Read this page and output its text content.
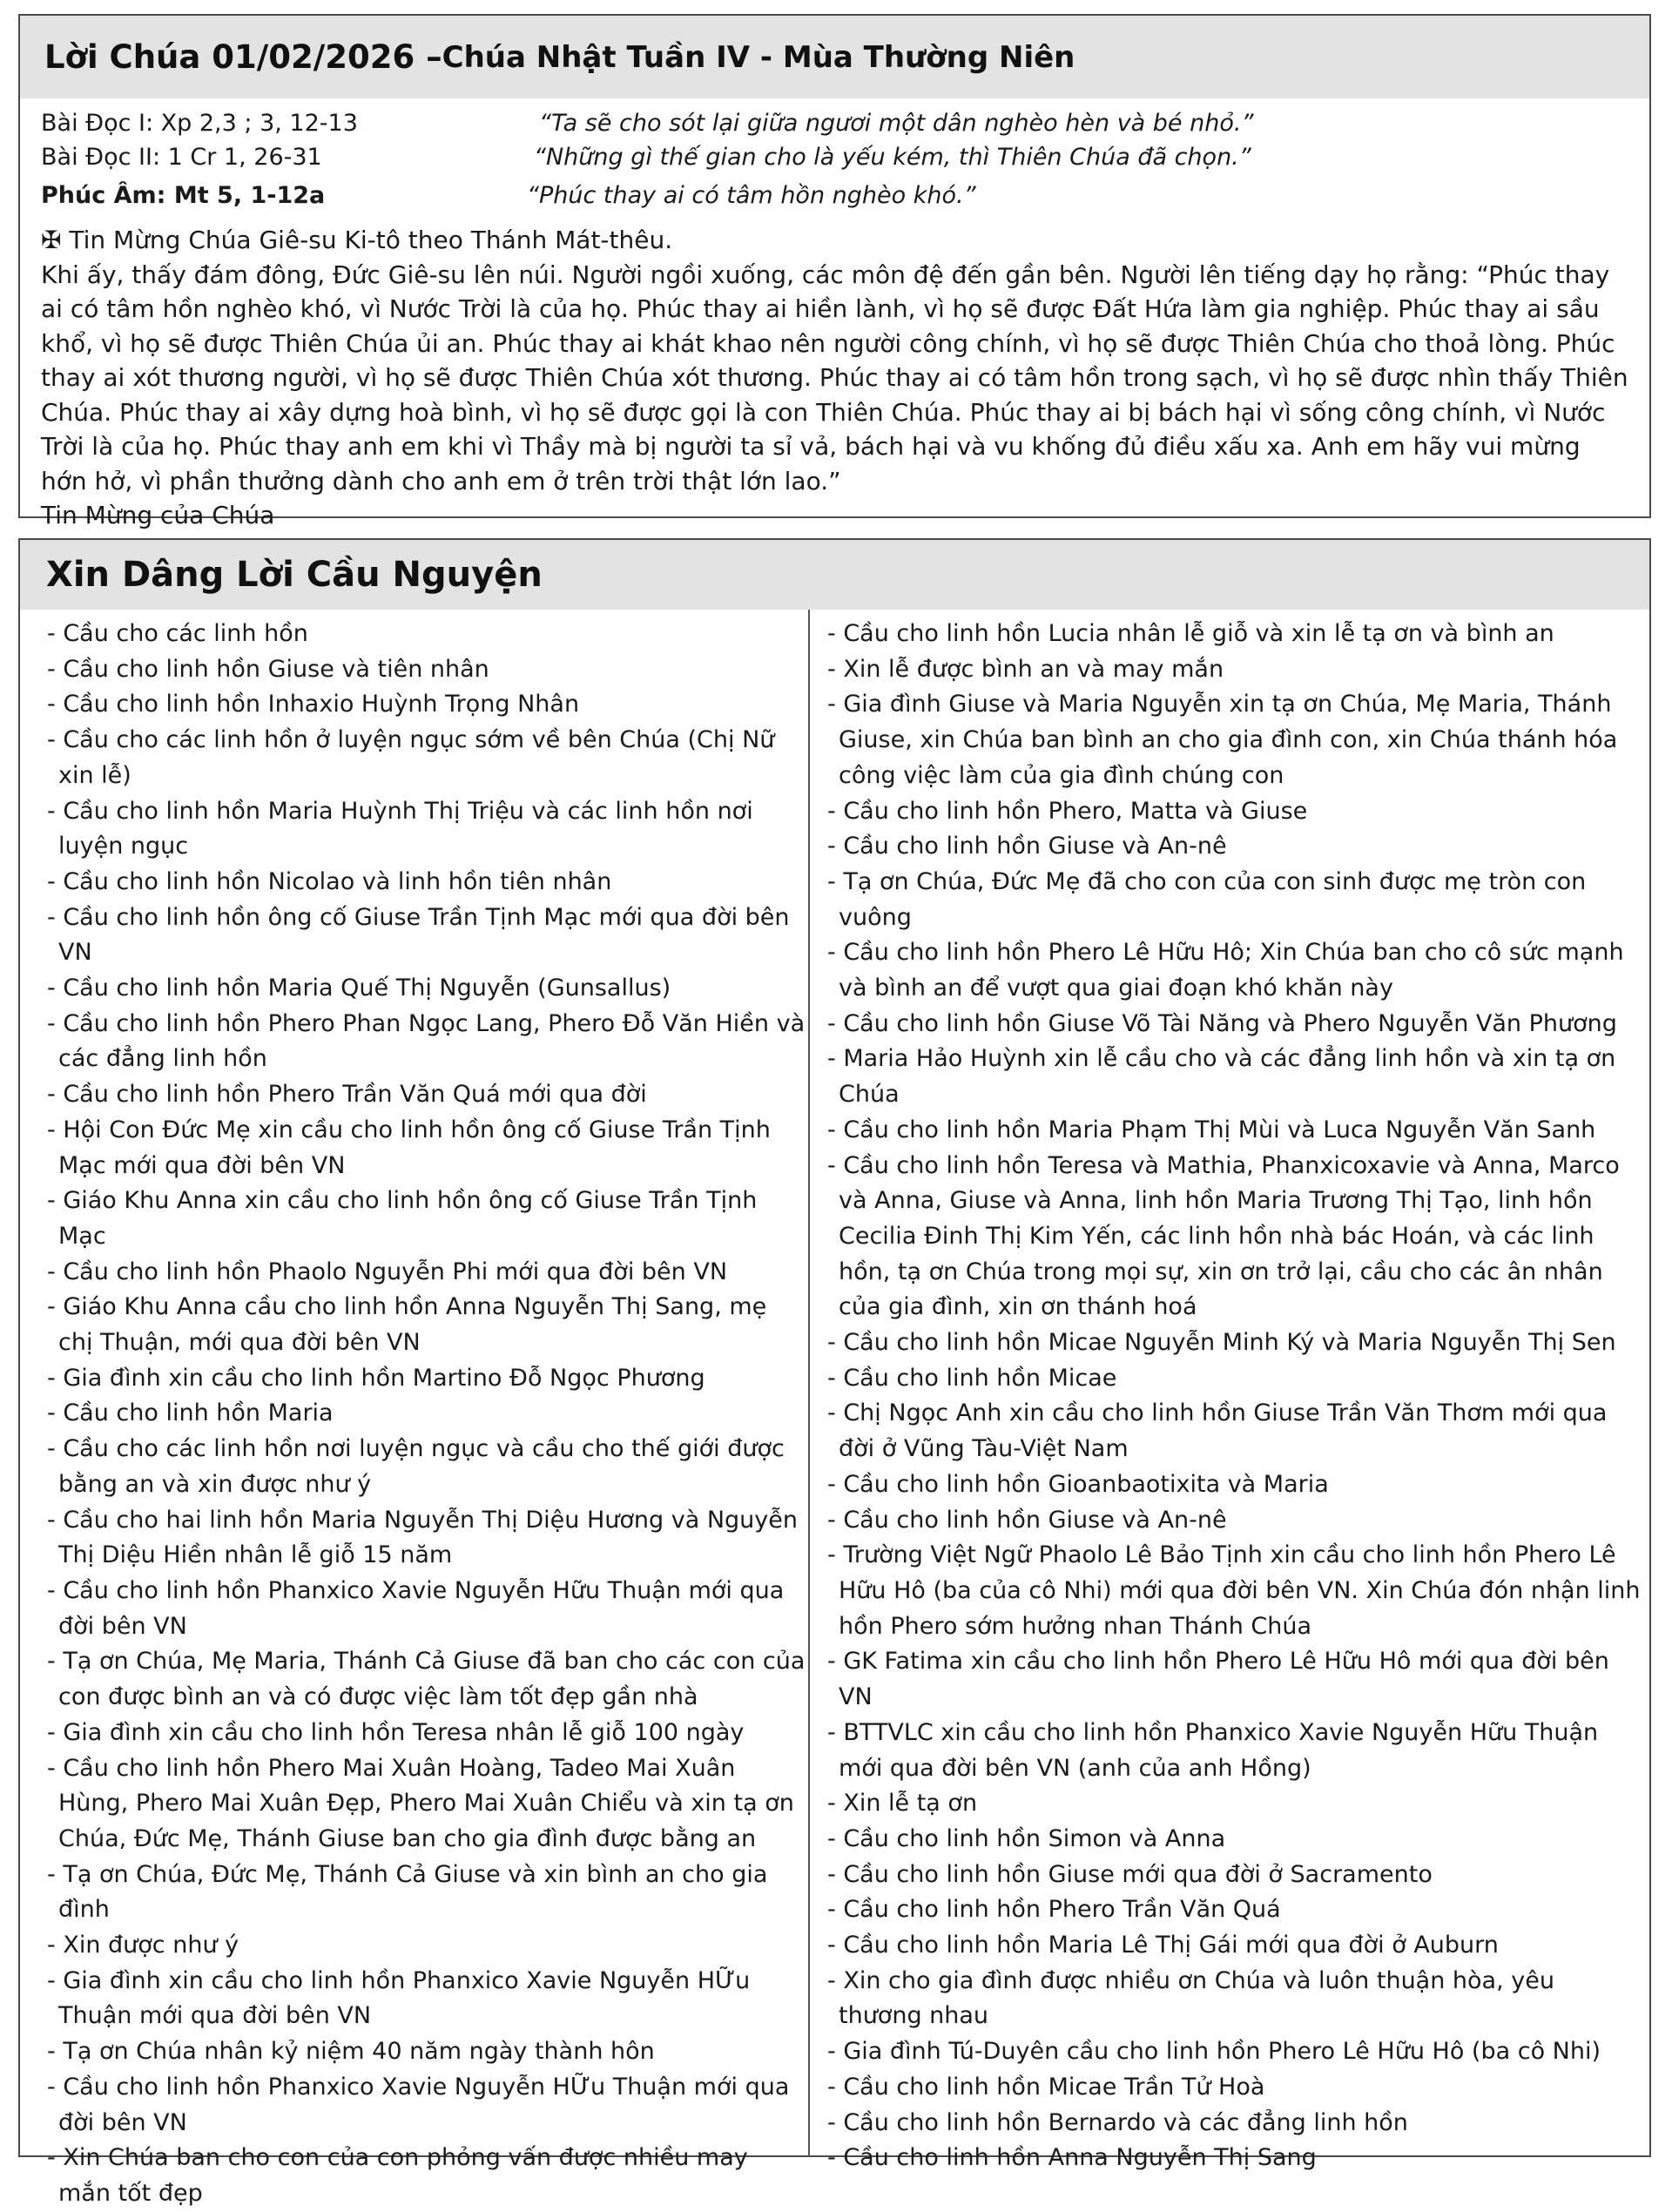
Lời Chúa 01/02/2026 – Chúa Nhật Tuần IV - Mùa Thường Niên
Bài Đọc I: Xp 2,3 ; 3, 12-13	“Ta sẽ cho sót lại giữa ngươi một dân nghèo hèn và bé nhỏ.”
Bài Đọc II: 1 Cr 1, 26-31	“Những gì thế gian cho là yếu kém, thì Thiên Chúa đã chọn.”
Phúc Âm: Mt 5, 1-12a	“Phúc thay ai có tâm hồn nghèo khó.”

✠ Tin Mừng Chúa Giê-su Ki-tô theo Thánh Mát-thêu.

Khi ấy, thấy đám đông, Đức Giê-su lên núi. Người ngồi xuống, các môn đệ đến gần bên. Người lên tiếng dạy họ rằng: “Phúc thay ai có tâm hồn nghèo khó, vì Nước Trời là của họ. Phúc thay ai hiền lành, vì họ sẽ được Đất Hứa làm gia nghiệp. Phúc thay ai sầu khổ, vì họ sẽ được Thiên Chúa ủi an. Phúc thay ai khát khao nên người công chính, vì họ sẽ được Thiên Chúa cho thoả lòng. Phúc thay ai xót thương người, vì họ sẽ được Thiên Chúa xót thương. Phúc thay ai có tâm hồn trong sạch, vì họ sẽ được nhìn thấy Thiên Chúa. Phúc thay ai xây dựng hoà bình, vì họ sẽ được gọi là con Thiên Chúa. Phúc thay ai bị bách hại vì sống công chính, vì Nước Trời là của họ. Phúc thay anh em khi vì Thầy mà bị người ta sỉ vả, bách hại và vu khống đủ điều xấu xa. Anh em hãy vui mừng hớn hở, vì phần thưởng dành cho anh em ở trên trời thật lớn lao.”

Tin Mừng của Chúa

Xin Dâng Lời Cầu Nguyện

- Cầu cho các linh hồn

- Cầu cho linh hồn Giuse và tiên nhân

- Cầu cho linh hồn Inhaxio Huỳnh Trọng Nhân

- Cầu cho các linh hồn ở luyện ngục sớm về bên Chúa (Chị Nữ xin lễ)

- Cầu cho linh hồn Maria Huỳnh Thị Triệu và các linh hồn nơi luyện ngục

- Cầu cho linh hồn Nicolao và linh hồn tiên nhân

- Cầu cho linh hồn ông cố Giuse Trần Tịnh Mạc mới qua đời bên VN

- Cầu cho linh hồn Maria Quế Thị Nguyễn (Gunsallus)

- Cầu cho linh hồn Phero Phan Ngọc Lang, Phero Đỗ Văn Hiền và các đẳng linh hồn

- Cầu cho linh hồn Phero Trần Văn Quá mới qua đời

- Hội Con Đức Mẹ xin cầu cho linh hồn ông cố Giuse Trần Tịnh Mạc mới qua đời bên VN

- Giáo Khu Anna xin cầu cho linh hồn ông cố Giuse Trần Tịnh Mạc

- Cầu cho linh hồn Phaolo Nguyễn Phi mới qua đời bên VN

- Giáo Khu Anna cầu cho linh hồn Anna Nguyễn Thị Sang, mẹ chị Thuận, mới qua đời bên VN

- Gia đình xin cầu cho linh hồn Martino Đỗ Ngọc Phương

- Cầu cho linh hồn Maria

- Cầu cho các linh hồn nơi luyện ngục và cầu cho thế giới được bằng an và xin được như ý

- Cầu cho hai linh hồn Maria Nguyễn Thị Diệu Hương và Nguyễn Thị Diệu Hiền nhân lễ giỗ 15 năm

- Cầu cho linh hồn Phanxico Xavie Nguyễn Hữu Thuận mới qua đời bên VN

- Tạ ơn Chúa, Mẹ Maria, Thánh Cả Giuse đã ban cho các con của con được bình an và có được việc làm tốt đẹp gần nhà

- Gia đình xin cầu cho linh hồn Teresa nhân lễ giỗ 100 ngày

- Cầu cho linh hồn Phero Mai Xuân Hoàng, Tadeo Mai Xuân Hùng, Phero Mai Xuân Đẹp, Phero Mai Xuân Chiểu và xin tạ ơn Chúa, Đức Mẹ, Thánh Giuse ban cho gia đình được bằng an

- Tạ ơn Chúa, Đức Mẹ, Thánh Cả Giuse và xin bình an cho gia đình

- Xin được như ý

- Gia đình xin cầu cho linh hồn Phanxico Xavie Nguyễn HỮu Thuận mới qua đời bên VN

- Tạ ơn Chúa nhân kỷ niệm 40 năm ngày thành hôn

- Cầu cho linh hồn Phanxico Xavie Nguyễn HỮu Thuận mới qua đời bên VN

- Xin Chúa ban cho con của con phỏng vấn được nhiều may mắn tốt đẹp

- Cầu cho linh hồn Lucia nhân lễ giỗ và xin lễ tạ ơn và bình an

- Xin lễ được bình an và may mắn

- Gia đình Giuse và Maria Nguyễn xin tạ ơn Chúa, Mẹ Maria, Thánh Giuse, xin Chúa ban bình an cho gia đình con, xin Chúa thánh hóa công việc làm của gia đình chúng con

- Cầu cho linh hồn Phero, Matta và Giuse

- Cầu cho linh hồn Giuse và An-nê

- Tạ ơn Chúa, Đức Mẹ đã cho con của con sinh được mẹ tròn con vuông

- Cầu cho linh hồn Phero Lê Hữu Hô; Xin Chúa ban cho cô sức mạnh và bình an để vượt qua giai đoạn khó khăn này

- Cầu cho linh hồn Giuse Võ Tài Năng và Phero Nguyễn Văn Phương

- Maria Hảo Huỳnh xin lễ cầu cho và các đẳng linh hồn và xin tạ ơn Chúa

- Cầu cho linh hồn Maria Phạm Thị Mùi và Luca Nguyễn Văn Sanh

- Cầu cho linh hồn Teresa và Mathia, Phanxicoxavie và Anna, Marco và Anna, Giuse và Anna, linh hồn Maria Trương Thị Tạo, linh hồn Cecilia Đinh Thị Kim Yến, các linh hồn nhà bác Hoán, và các linh hồn, tạ ơn Chúa trong mọi sự, xin ơn trở lại, cầu cho các ân nhân của gia đình, xin ơn thánh hoá

- Cầu cho linh hồn Micae Nguyễn Minh Ký và Maria Nguyễn Thị Sen

- Cầu cho linh hồn Micae

- Chị Ngọc Anh xin cầu cho linh hồn Giuse Trần Văn Thơm mới qua đời ở Vũng Tàu-Việt Nam

- Cầu cho linh hồn Gioanbaotixita và Maria

- Cầu cho linh hồn Giuse và An-nê

- Trường Việt Ngữ Phaolo Lê Bảo Tịnh xin cầu cho linh hồn Phero Lê Hữu Hô (ba của cô Nhi) mới qua đời bên VN. Xin Chúa đón nhận linh hồn Phero sớm hưởng nhan Thánh Chúa

- GK Fatima xin cầu cho linh hồn Phero Lê Hữu Hô mới qua đời bên VN

- BTTVLC xin cầu cho linh hồn Phanxico Xavie Nguyễn Hữu Thuận mới qua đời bên VN (anh của anh Hồng)

- Xin lễ tạ ơn

- Cầu cho linh hồn Simon và Anna

- Cầu cho linh hồn Giuse mới qua đời ở Sacramento

- Cầu cho linh hồn Phero Trần Văn Quá

- Cầu cho linh hồn Maria Lê Thị Gái mới qua đời ở Auburn

- Xin cho gia đình được nhiều ơn Chúa và luôn thuận hòa, yêu thương nhau

- Gia đình Tú-Duyên cầu cho linh hồn Phero Lê Hữu Hô (ba cô Nhi)

- Cầu cho linh hồn Micae Trần Tử Hoà

- Cầu cho linh hồn Bernardo và các đẳng linh hồn

- Cầu cho linh hồn Anna Nguyễn Thị Sang
